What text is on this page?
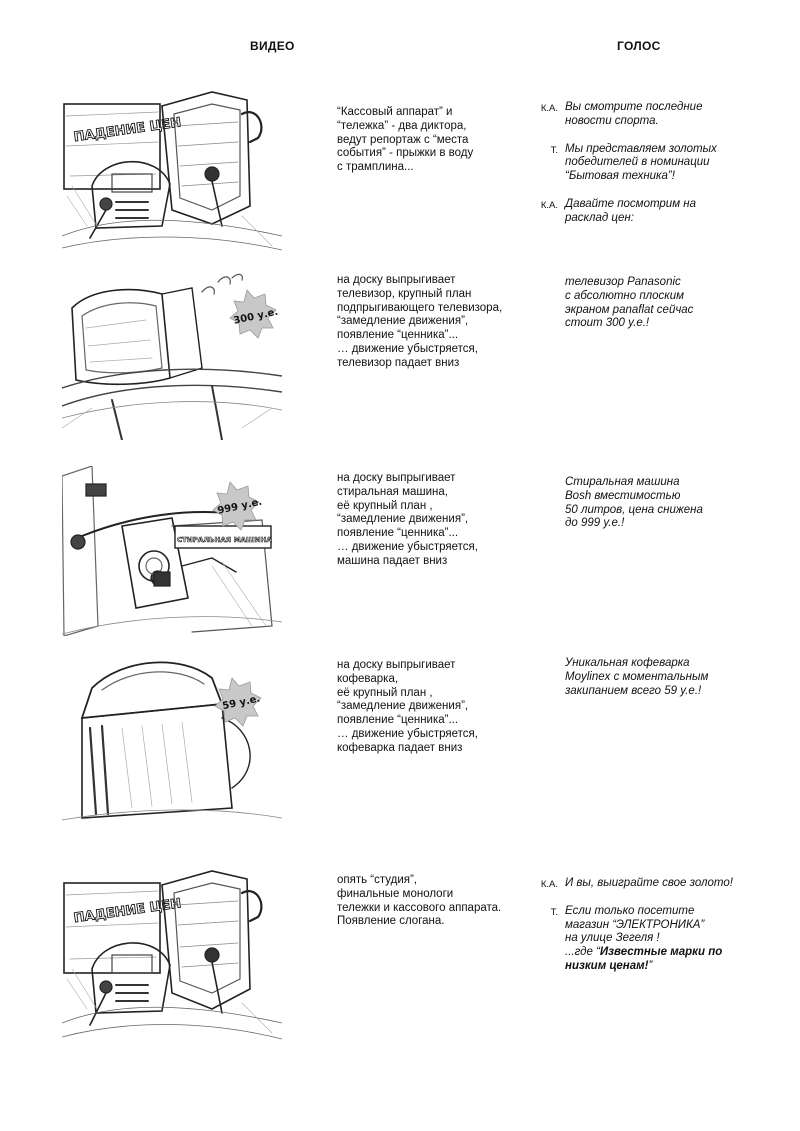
ВИДЕО	ГОЛОС
ПАДЕНИЕ ЦЕН
“Кассовый аппарат” и
“тележка” - два диктора,
ведут репортаж с “места
события” - прыжки в воду
с трамплина...
К.А. Вы смотрите последние
новости спорта.
Т. Мы представляем золотых
победителей в номинации
“Бытовая техника”!
К.А. Давайте посмотрим на
расклад цен:
300 у.е.
на доску выпрыгивает
телевизор, крупный план
подпрыгивающего телевизора,
“замедление движения”,
появление “ценника”...
… движение убыстряется,
телевизор падает вниз
телевизор Panasonic
с абсолютно плоским
экраном panaflat сейчас
стоит 300 у.е.!
СТИРАЛЬНАЯ МАШИНА
999 у.е.
на доску выпрыгивает
стиральная машина,
её крупный план ,
“замедление движения”,
появление “ценника”...
… движение убыстряется,
машина падает вниз
Стиральная машина
Bosh вместимостью
50 литров, цена снижена
до 999 у.е.!
59 у.е.
на доску выпрыгивает
кофеварка,
её крупный план ,
“замедление движения”,
появление “ценника”...
… движение убыстряется,
кофеварка падает вниз
Уникальная кофеварка
Moylinex с моментальным
закипанием всего 59 у.е.!
ПАДЕНИЕ ЦЕН
опять “студия”,
финальные монологи
тележки и кассового аппарата.
Появление слогана.
К.А. И вы, выиграйте свое золото!
Т. Если только посетите
магазин “ЭЛЕКТРОНИКА”
на улице Зегеля !
...где “Известные марки по
низким ценам!”
